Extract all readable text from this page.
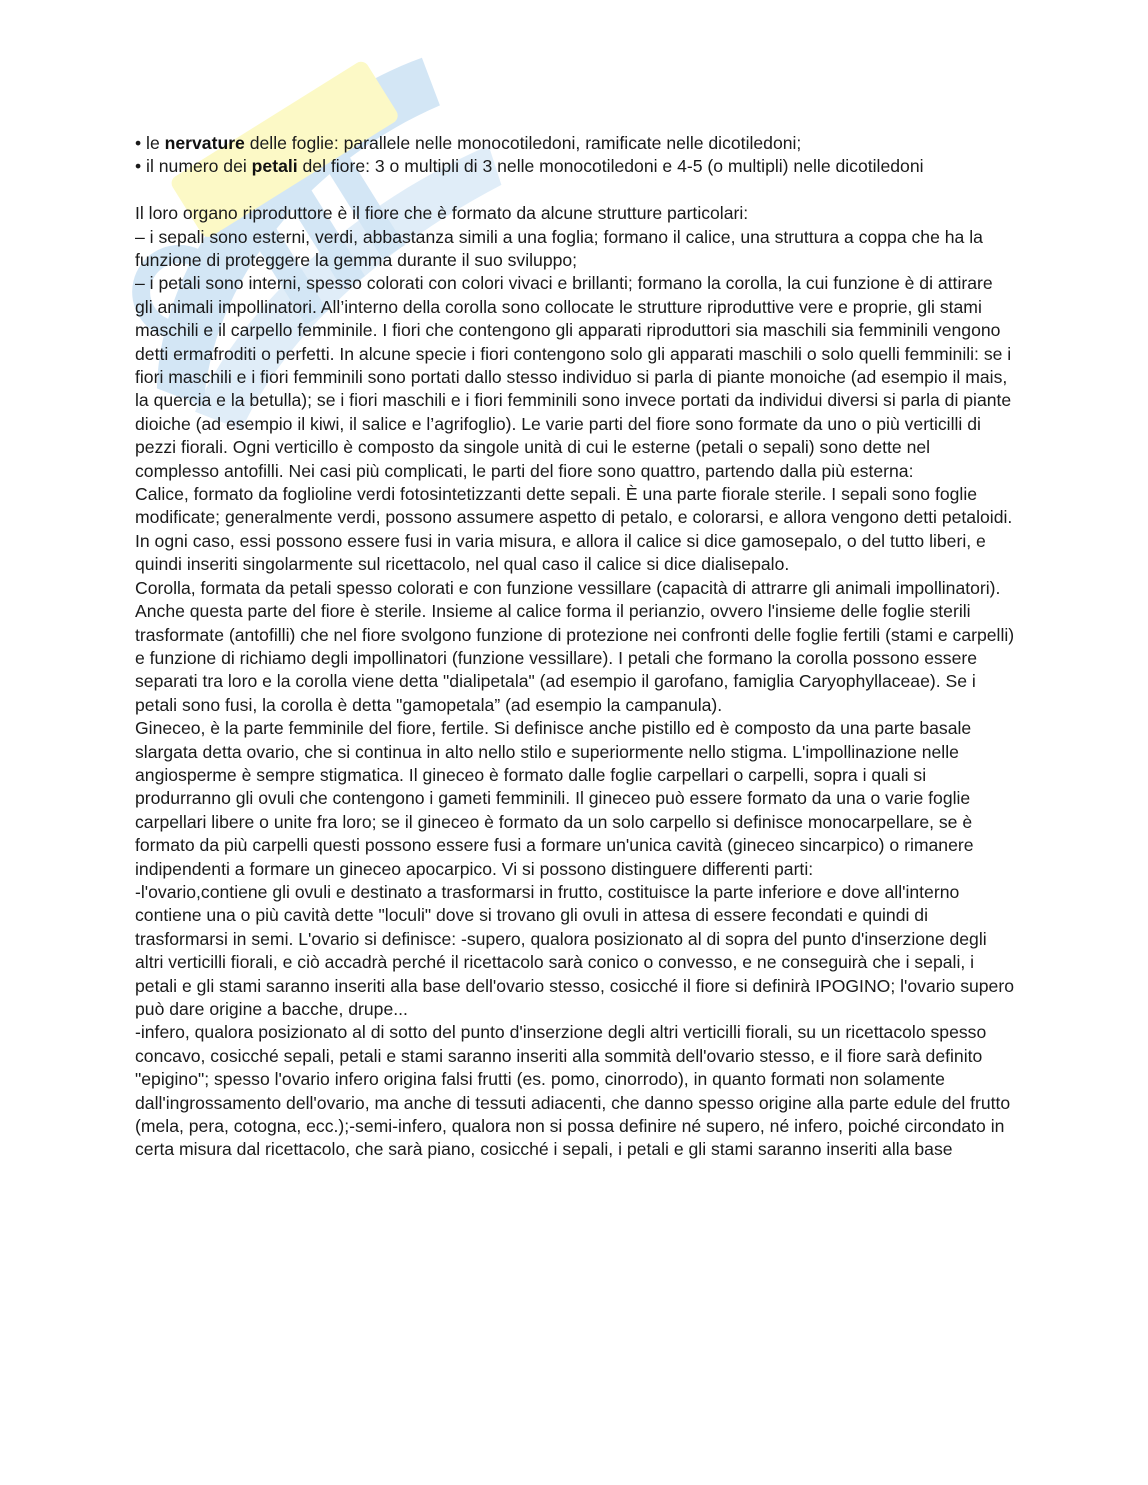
• le nervature delle foglie: parallele nelle monocotiledoni, ramificate nelle dicotiledoni;

• il numero dei petali del fiore: 3 o multipli di 3 nelle monocotiledoni e 4-5 (o multipli) nelle dicotiledoni

Il loro organo riproduttore è il fiore che è formato da alcune strutture particolari:

– i sepali sono esterni, verdi, abbastanza simili a una foglia; formano il calice, una struttura a coppa che ha la funzione di proteggere la gemma durante il suo sviluppo;

– i petali sono interni, spesso colorati con colori vivaci e brillanti; formano la corolla, la cui funzione è di attirare gli animali impollinatori. All’interno della corolla sono collocate le strutture riproduttive vere e proprie, gli stami maschili e il carpello femminile. I fiori che contengono gli apparati riproduttori sia maschili sia femminili vengono detti ermafroditi o perfetti. In alcune specie i fiori contengono solo gli apparati maschili o solo quelli femminili: se i fiori maschili e i fiori femminili sono portati dallo stesso individuo si parla di piante monoiche (ad esempio il mais, la quercia e la betulla); se i fiori maschili e i fiori femminili sono invece portati da individui diversi si parla di piante dioiche (ad esempio il kiwi, il salice e l’agrifoglio). Le varie parti del fiore sono formate da uno o più verticilli di pezzi fiorali. Ogni verticillo è composto da singole unità di cui le esterne (petali o sepali) sono dette nel complesso antofilli. Nei casi più complicati, le parti del fiore sono quattro, partendo dalla più esterna:

Calice, formato da foglioline verdi fotosintetizzanti dette sepali. È una parte fiorale sterile. I sepali sono foglie modificate; generalmente verdi, possono assumere aspetto di petalo, e colorarsi, e allora vengono detti petaloidi. In ogni caso, essi possono essere fusi in varia misura, e allora il calice si dice gamosepalo, o del tutto liberi, e quindi inseriti singolarmente sul ricettacolo, nel qual caso il calice si dice dialisepalo.

Corolla, formata da petali spesso colorati e con funzione vessillare (capacità di attrarre gli animali impollinatori). Anche questa parte del fiore è sterile. Insieme al calice forma il perianzio, ovvero l'insieme delle foglie sterili trasformate (antofilli) che nel fiore svolgono funzione di protezione nei confronti delle foglie fertili (stami e carpelli) e funzione di richiamo degli impollinatori (funzione vessillare). I petali che formano la corolla possono essere separati tra loro e la corolla viene detta "dialipetala" (ad esempio il garofano, famiglia Caryophyllaceae). Se i petali sono fusi, la corolla è detta "gamopetala” (ad esempio la campanula).

Gineceo, è la parte femminile del fiore, fertile. Si definisce anche pistillo ed è composto da una parte basale slargata detta ovario, che si continua in alto nello stilo e superiormente nello stigma. L'impollinazione nelle angiosperme è sempre stigmatica. Il gineceo è formato dalle foglie carpellari o carpelli, sopra i quali si produrranno gli ovuli che contengono i gameti femminili. Il gineceo può essere formato da una o varie foglie carpellari libere o unite fra loro; se il gineceo è formato da un solo carpello si definisce monocarpellare, se è formato da più carpelli questi possono essere fusi a formare un'unica cavità (gineceo sincarpico) o rimanere indipendenti a formare un gineceo apocarpico. Vi si possono distinguere differenti parti:

-l'ovario,contiene gli ovuli e destinato a trasformarsi in frutto, costituisce la parte inferiore e dove all'interno contiene una o più cavità dette "loculi" dove si trovano gli ovuli in attesa di essere fecondati e quindi di trasformarsi in semi. L'ovario si definisce: -supero, qualora posizionato al di sopra del punto d'inserzione degli altri verticilli fiorali, e ciò accadrà perché il ricettacolo sarà conico o convesso, e ne conseguirà che i sepali, i petali e gli stami saranno inseriti alla base dell'ovario stesso, cosicché il fiore si definirà IPOGINO; l'ovario supero può dare origine a bacche, drupe...

-infero, qualora posizionato al di sotto del punto d'inserzione degli altri verticilli fiorali, su un ricettacolo spesso concavo, cosicché sepali, petali e stami saranno inseriti alla sommità dell'ovario stesso, e il fiore sarà definito "epigino"; spesso l'ovario infero origina falsi frutti (es. pomo, cinorrodo), in quanto formati non solamente dall'ingrossamento dell'ovario, ma anche di tessuti adiacenti, che danno spesso origine alla parte edule del frutto (mela, pera, cotogna, ecc.);-semi-infero, qualora non si possa definire né supero, né infero, poiché circondato in certa misura dal ricettacolo, che sarà piano, cosicché i sepali, i petali e gli stami saranno inseriti alla base
